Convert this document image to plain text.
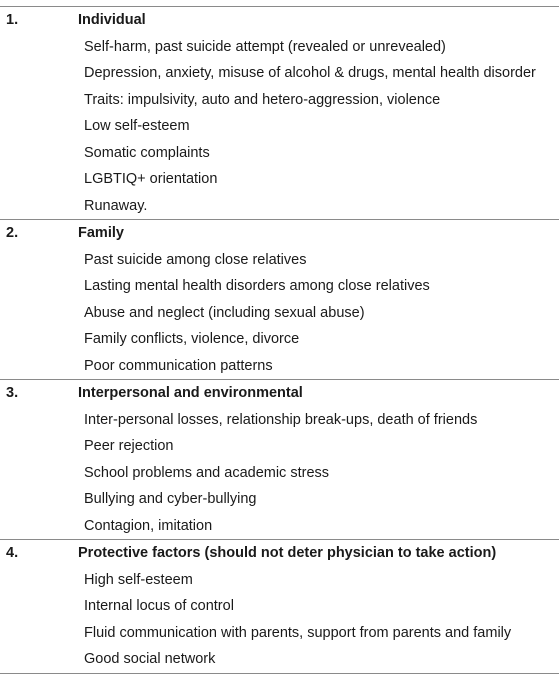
1.	Individual
Self-harm, past suicide attempt (revealed or unrevealed)
Depression, anxiety, misuse of alcohol & drugs, mental health disorder
Traits: impulsivity, auto and hetero-aggression, violence
Low self-esteem
Somatic complaints
LGBTIQ+ orientation
Runaway.
2.	Family
Past suicide among close relatives
Lasting mental health disorders among close relatives
Abuse and neglect (including sexual abuse)
Family conflicts, violence, divorce
Poor communication patterns
3.	Interpersonal and environmental
Inter-personal losses, relationship break-ups, death of friends
Peer rejection
School problems and academic stress
Bullying and cyber-bullying
Contagion, imitation
4.	Protective factors (should not deter physician to take action)
High self-esteem
Internal locus of control
Fluid communication with parents, support from parents and family
Good social network
